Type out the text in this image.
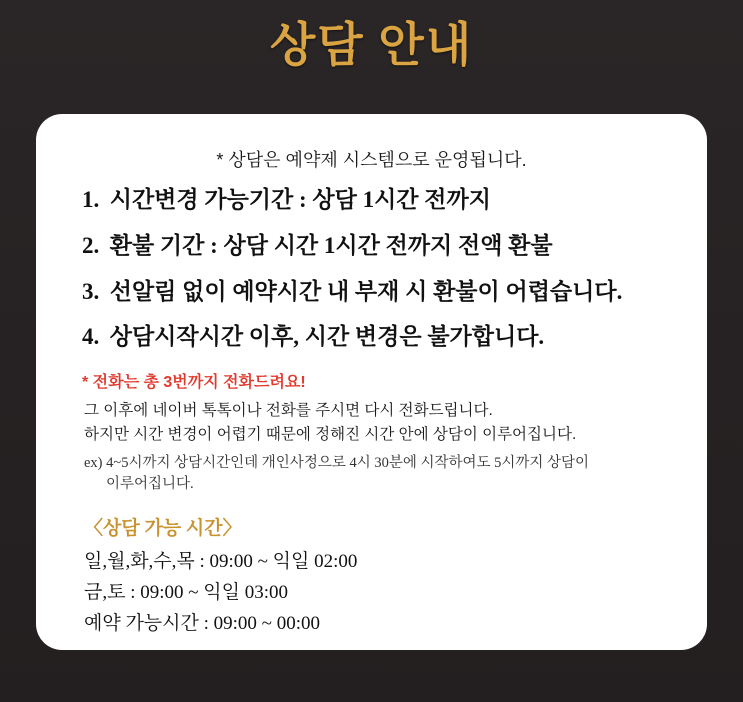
상담 안내
* 상담은 예약제 시스템으로 운영됩니다.
1. 시간변경 가능기간 : 상담 1시간 전까지
2. 환불 기간 : 상담 시간 1시간 전까지 전액 환불
3. 선알림 없이 예약시간 내 부재 시 환불이 어렵습니다.
4. 상담시작시간 이후, 시간 변경은 불가합니다.
* 전화는 총 3번까지 전화드려요!
그 이후에 네이버 톡톡이나 전화를 주시면 다시 전화드립니다.
하지만 시간 변경이 어렵기 때문에 정해진 시간 안에 상담이 이루어집니다.
ex) 4~5시까지 상담시간인데 개인사정으로 4시 30분에 시작하여도 5시까지 상담이
이루어집니다.
〈상담 가능 시간〉
일,월,화,수,목 : 09:00 ~ 익일 02:00
금,토 : 09:00 ~ 익일 03:00
예약 가능시간 : 09:00 ~ 00:00
